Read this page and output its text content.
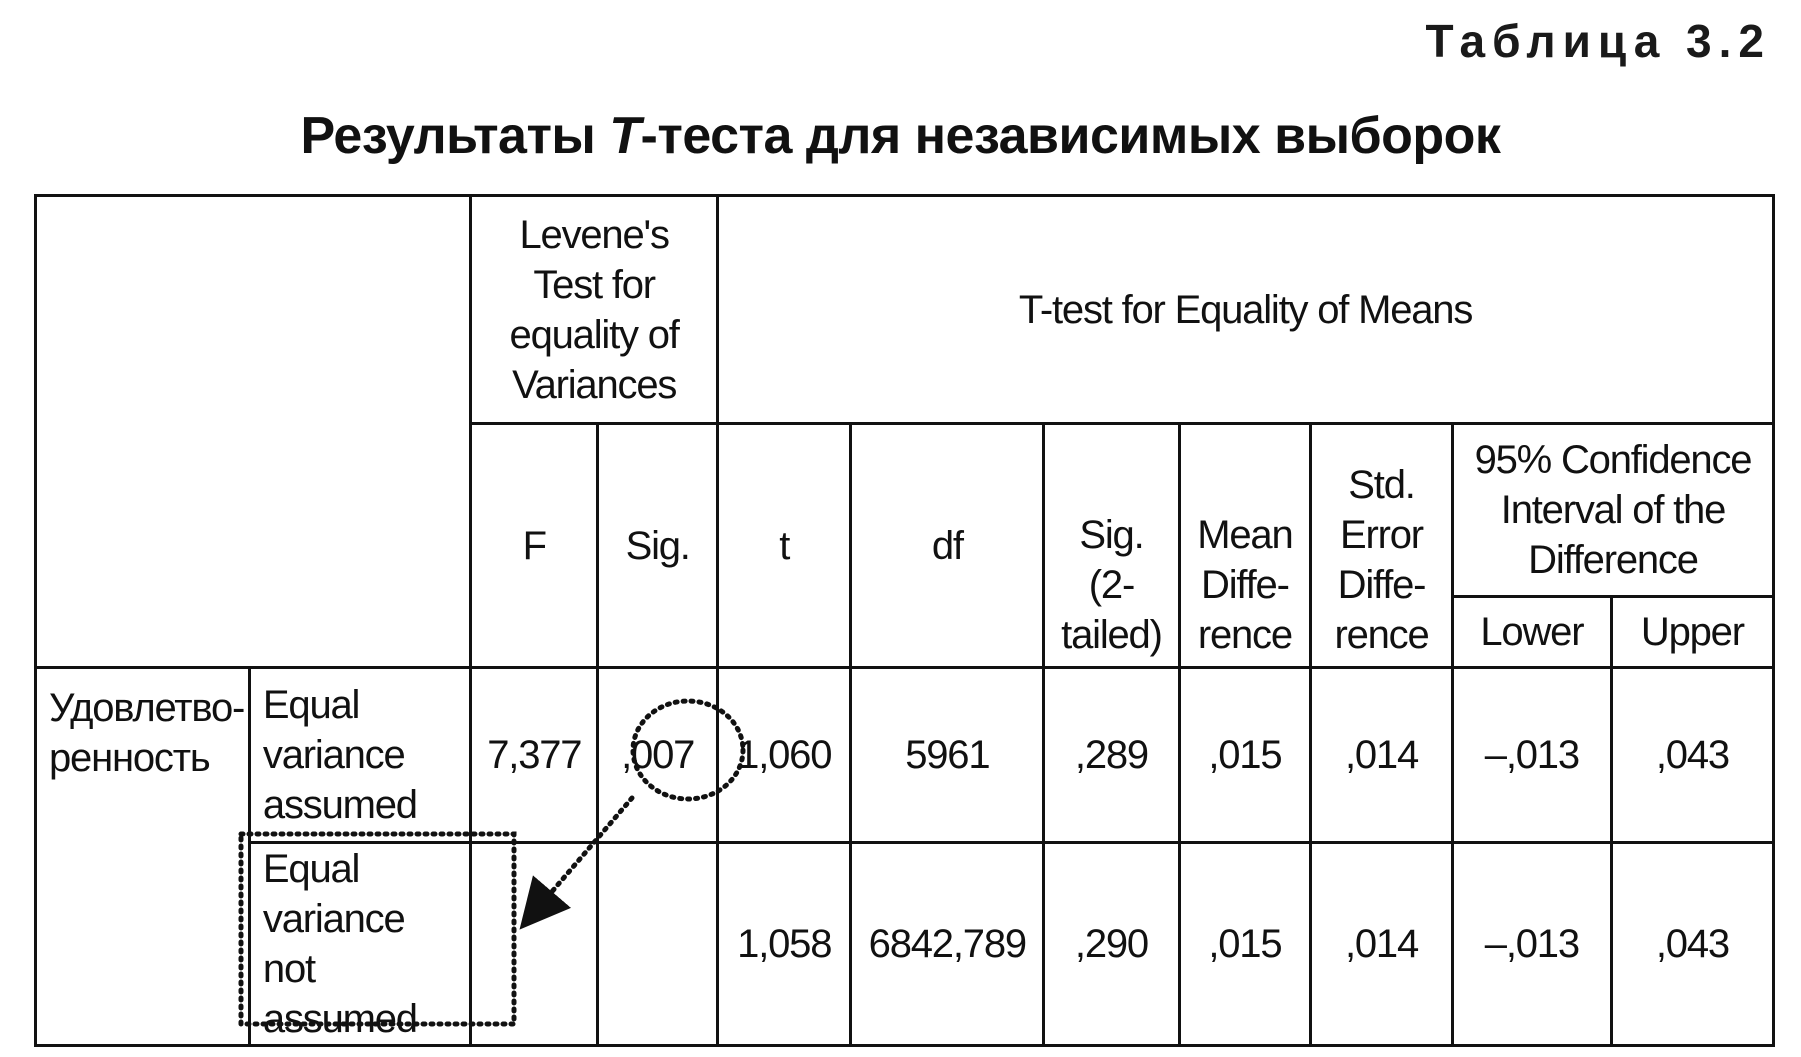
Таблица 3.2
Результаты T-теста для независимых выборок
		Levene's Test for equality of Variances		T-test for Equality of Means						
		F	Sig.	t	df	Sig. (2-tailed)	Mean Diffe-rence	Std. Error Diffe-rence	95% Confidence Interval of the Difference	
									Lower	Upper
Удовлетво-ренность	Equal variance assumed	7,377	,007	1,060	5961	,289	,015	,014	–,013	,043
	Equal variance not assumed			1,058	6842,789	,290	,015	,014	–,013	,043
